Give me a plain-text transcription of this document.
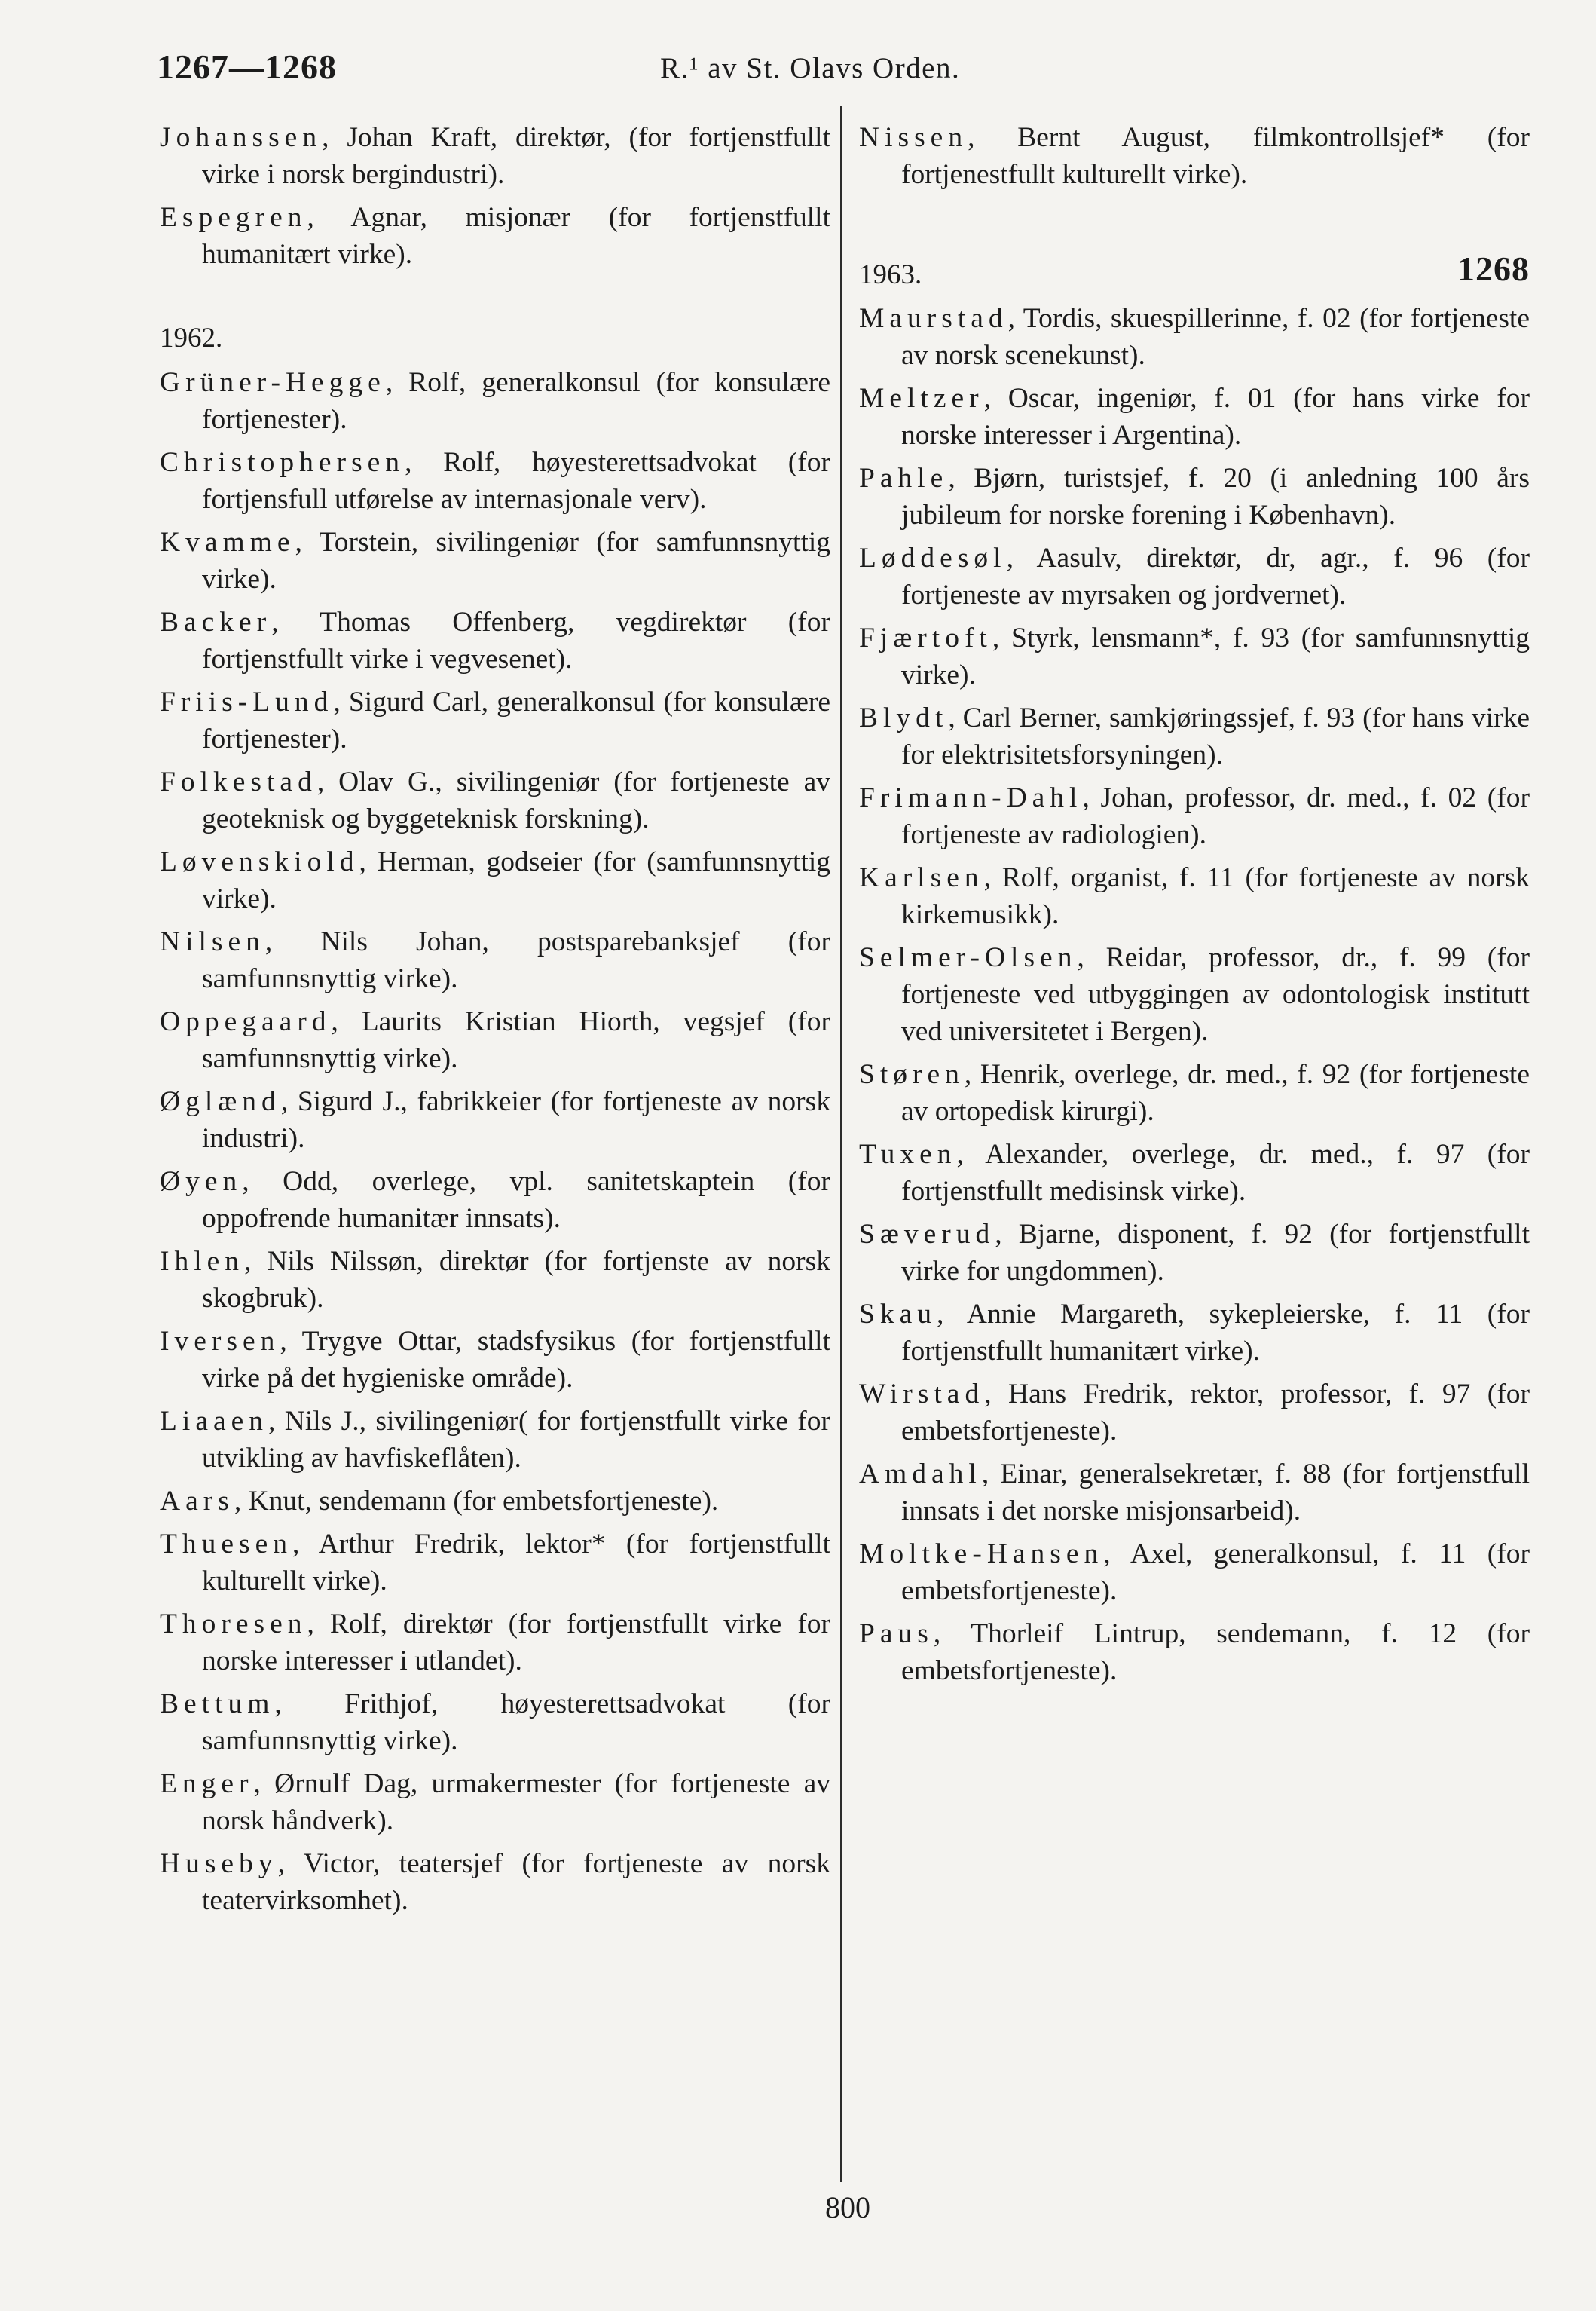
1267—1268	R.¹ av St. Olavs Orden.
Johanssen, Johan Kraft, direktør, (for fortjenstfullt virke i norsk bergindustri).
Espegren, Agnar, misjonær (for fortjenstfullt humanitært virke).
1962.
Grüner-Hegge, Rolf, generalkonsul (for konsulære fortjenester).
Christophersen, Rolf, høyesterettsadvokat (for fortjensfull utførelse av internasjonale verv).
Kvamme, Torstein, sivilingeniør (for samfunnsnyttig virke).
Backer, Thomas Offenberg, vegdirektør (for fortjenstfullt virke i vegvesenet).
Friis-Lund, Sigurd Carl, generalkonsul (for konsulære fortjenester).
Folkestad, Olav G., sivilingeniør (for fortjeneste av geoteknisk og byggeteknisk forskning).
Løvenskiold, Herman, godseier (for (samfunnsnyttig virke).
Nilsen, Nils Johan, postsparebanksjef (for samfunnsnyttig virke).
Oppegaard, Laurits Kristian Hiorth, vegsjef (for samfunnsnyttig virke).
Øglænd, Sigurd J., fabrikkeier (for fortjeneste av norsk industri).
Øyen, Odd, overlege, vpl. sanitetskaptein (for oppofrende humanitær innsats).
Ihlen, Nils Nilssøn, direktør (for fortjenste av norsk skogbruk).
Iversen, Trygve Ottar, stadsfysikus (for fortjenstfullt virke på det hygieniske område).
Liaaen, Nils J., sivilingeniør( for fortjenstfullt virke for utvikling av havfiskeflåten).
Aars, Knut, sendemann (for embetsfortjeneste).
Thuesen, Arthur Fredrik, lektor* (for fortjenstfullt kulturellt virke).
Thoresen, Rolf, direktør (for fortjenstfullt virke for norske interesser i utlandet).
Bettum, Frithjof, høyesterettsadvokat (for samfunnsnyttig virke).
Enger, Ørnulf Dag, urmakermester (for fortjeneste av norsk håndverk).
Huseby, Victor, teatersjef (for fortjeneste av norsk teatervirksomhet).
Nissen, Bernt August, filmkontrollsjef* (for fortjenestfullt kulturellt virke).
1963.	1268
Maurstad, Tordis, skuespillerinne, f. 02 (for fortjeneste av norsk scenekunst).
Meltzer, Oscar, ingeniør, f. 01 (for hans virke for norske interesser i Argentina).
Pahle, Bjørn, turistsjef, f. 20 (i anledning 100 års jubileum for norske forening i København).
Løddesøl, Aasulv, direktør, dr, agr., f. 96 (for fortjeneste av myrsaken og jordvernet).
Fjærtoft, Styrk, lensmann*, f. 93 (for samfunnsnyttig virke).
Blydt, Carl Berner, samkjøringssjef, f. 93 (for hans virke for elektrisitetsforsyningen).
Frimann-Dahl, Johan, professor, dr. med., f. 02 (for fortjeneste av radiologien).
Karlsen, Rolf, organist, f. 11 (for fortjeneste av norsk kirkemusikk).
Selmer-Olsen, Reidar, professor, dr., f. 99 (for fortjeneste ved utbyggingen av odontologisk institutt ved universitetet i Bergen).
Støren, Henrik, overlege, dr. med., f. 92 (for fortjeneste av ortopedisk kirurgi).
Tuxen, Alexander, overlege, dr. med., f. 97 (for fortjenstfullt medisinsk virke).
Sæverud, Bjarne, disponent, f. 92 (for fortjenstfullt virke for ungdommen).
Skau, Annie Margareth, sykepleierske, f. 11 (for fortjenstfullt humanitært virke).
Wirstad, Hans Fredrik, rektor, professor, f. 97 (for embetsfortjeneste).
Amdahl, Einar, generalsekretær, f. 88 (for fortjenstfull innsats i det norske misjonsarbeid).
Moltke-Hansen, Axel, generalkonsul, f. 11 (for embetsfortjeneste).
Paus, Thorleif Lintrup, sendemann, f. 12 (for embetsfortjeneste).
800
